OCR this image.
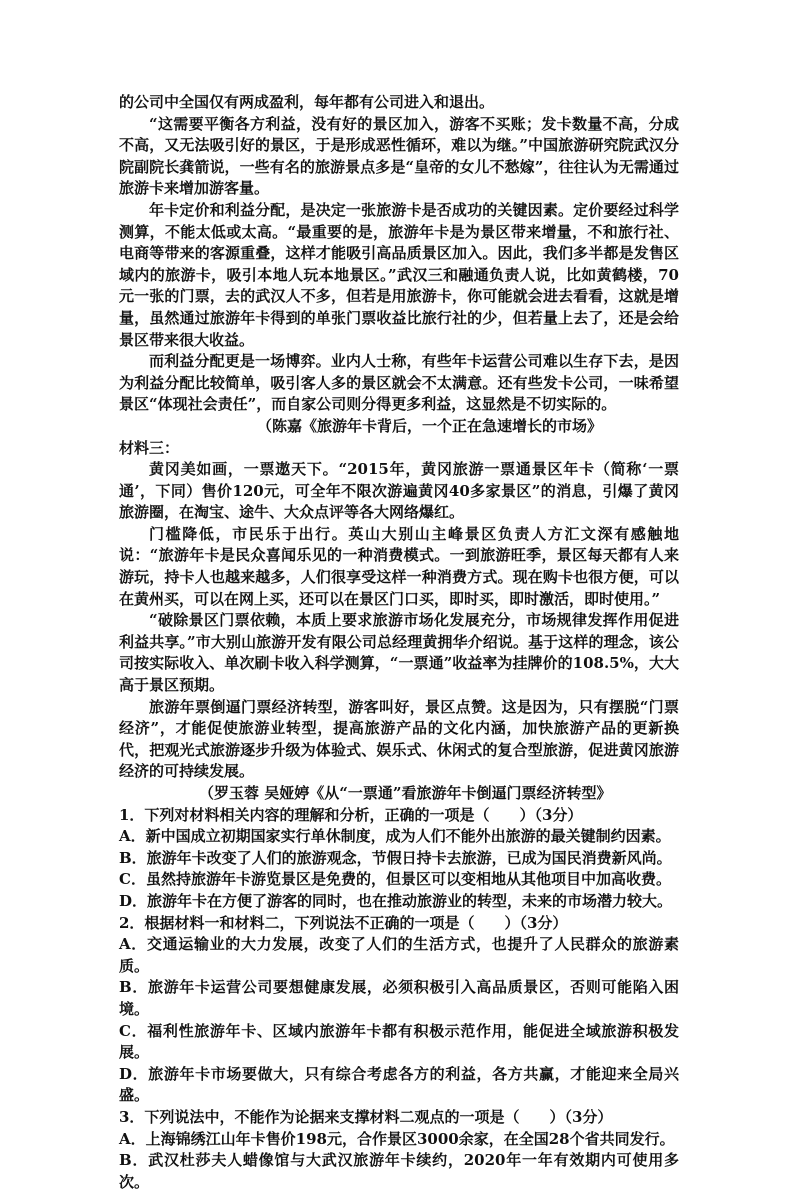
的公司中全国仅有两成盈利，每年都有公司进入和退出。

“这需要平衡各方利益，没有好的景区加入，游客不买账；发卡数量不高，分成不高，又无法吸引好的景区，于是形成恶性循环，难以为继。”中国旅游研究院武汉分院副院长龚箭说，一些有名的旅游景点多是“皇帝的女儿不愁嫁”，往往认为无需通过旅游卡来增加游客量。

年卡定价和利益分配，是决定一张旅游卡是否成功的关键因素。定价要经过科学测算，不能太低或太高。“最重要的是，旅游年卡是为景区带来增量，不和旅行社、电商等带来的客源重叠，这样才能吸引高品质景区加入。因此，我们多半都是发售区域内的旅游卡，吸引本地人玩本地景区。”武汉三和融通负责人说，比如黄鹤楼，70元一张的门票，去的武汉人不多，但若是用旅游卡，你可能就会进去看看，这就是增量，虽然通过旅游年卡得到的单张门票收益比旅行社的少，但若量上去了，还是会给景区带来很大收益。

而利益分配更是一场博弈。业内人士称，有些年卡运营公司难以生存下去，是因为利益分配比较简单，吸引客人多的景区就会不太满意。还有些发卡公司，一味希望景区“体现社会责任”，而自家公司则分得更多利益，这显然是不切实际的。

（陈嘉《旅游年卡背后，一个正在急速增长的市场》

材料三：

黄冈美如画，一票遨天下。“2015年，黄冈旅游一票通景区年卡（简称‘一票通’，下同）售价120元，可全年不限次游遍黄冈40多家景区”的消息，引爆了黄冈旅游圈，在淘宝、途牛、大众点评等各大网络爆红。

门槛降低，市民乐于出行。英山大别山主峰景区负责人方汇文深有感触地说：“旅游年卡是民众喜闻乐见的一种消费模式。一到旅游旺季，景区每天都有人来游玩，持卡人也越来越多，人们很享受这样一种消费方式。现在购卡也很方便，可以在黄州买，可以在网上买，还可以在景区门口买，即时买，即时激活，即时使用。”

“破除景区门票依赖，本质上要求旅游市场化发展充分，市场规律发挥作用促进利益共享。”市大别山旅游开发有限公司总经理黄拥华介绍说。基于这样的理念，该公司按实际收入、单次刷卡收入科学测算，“一票通”收益率为挂牌价的108.5%，大大高于景区预期。

旅游年票倒逼门票经济转型，游客叫好，景区点赞。这是因为，只有摆脱“门票经济”，才能促使旅游业转型，提高旅游产品的文化内涵，加快旅游产品的更新换代，把观光式旅游逐步升级为体验式、娱乐式、休闲式的复合型旅游，促进黄冈旅游经济的可持续发展。

（罗玉蓉 吴娅婷《从“一票通”看旅游年卡倒逼门票经济转型》

1．下列对材料相关内容的理解和分析，正确的一项是（　　）（3分）

A．新中国成立初期国家实行单休制度，成为人们不能外出旅游的最关键制约因素。

B．旅游年卡改变了人们的旅游观念，节假日持卡去旅游，已成为国民消费新风尚。

C．虽然持旅游年卡游览景区是免费的，但景区可以变相地从其他项目中加高收费。

D．旅游年卡在方便了游客的同时，也在推动旅游业的转型，未来的市场潜力较大。

2．根据材料一和材料二，下列说法不正确的一项是（　　）（3分）

A．交通运输业的大力发展，改变了人们的生活方式，也提升了人民群众的旅游素质。

B．旅游年卡运营公司要想健康发展，必须积极引入高品质景区，否则可能陷入困境。

C．福利性旅游年卡、区域内旅游年卡都有积极示范作用，能促进全域旅游积极发展。

D．旅游年卡市场要做大，只有综合考虑各方的利益，各方共赢，才能迎来全局兴盛。

3．下列说法中，不能作为论据来支撑材料二观点的一项是（　　）（3分）

A．上海锦绣江山年卡售价198元，合作景区3000余家，在全国28个省共同发行。

B．武汉杜莎夫人蜡像馆与大武汉旅游年卡续约，2020年一年有效期内可使用多次。
